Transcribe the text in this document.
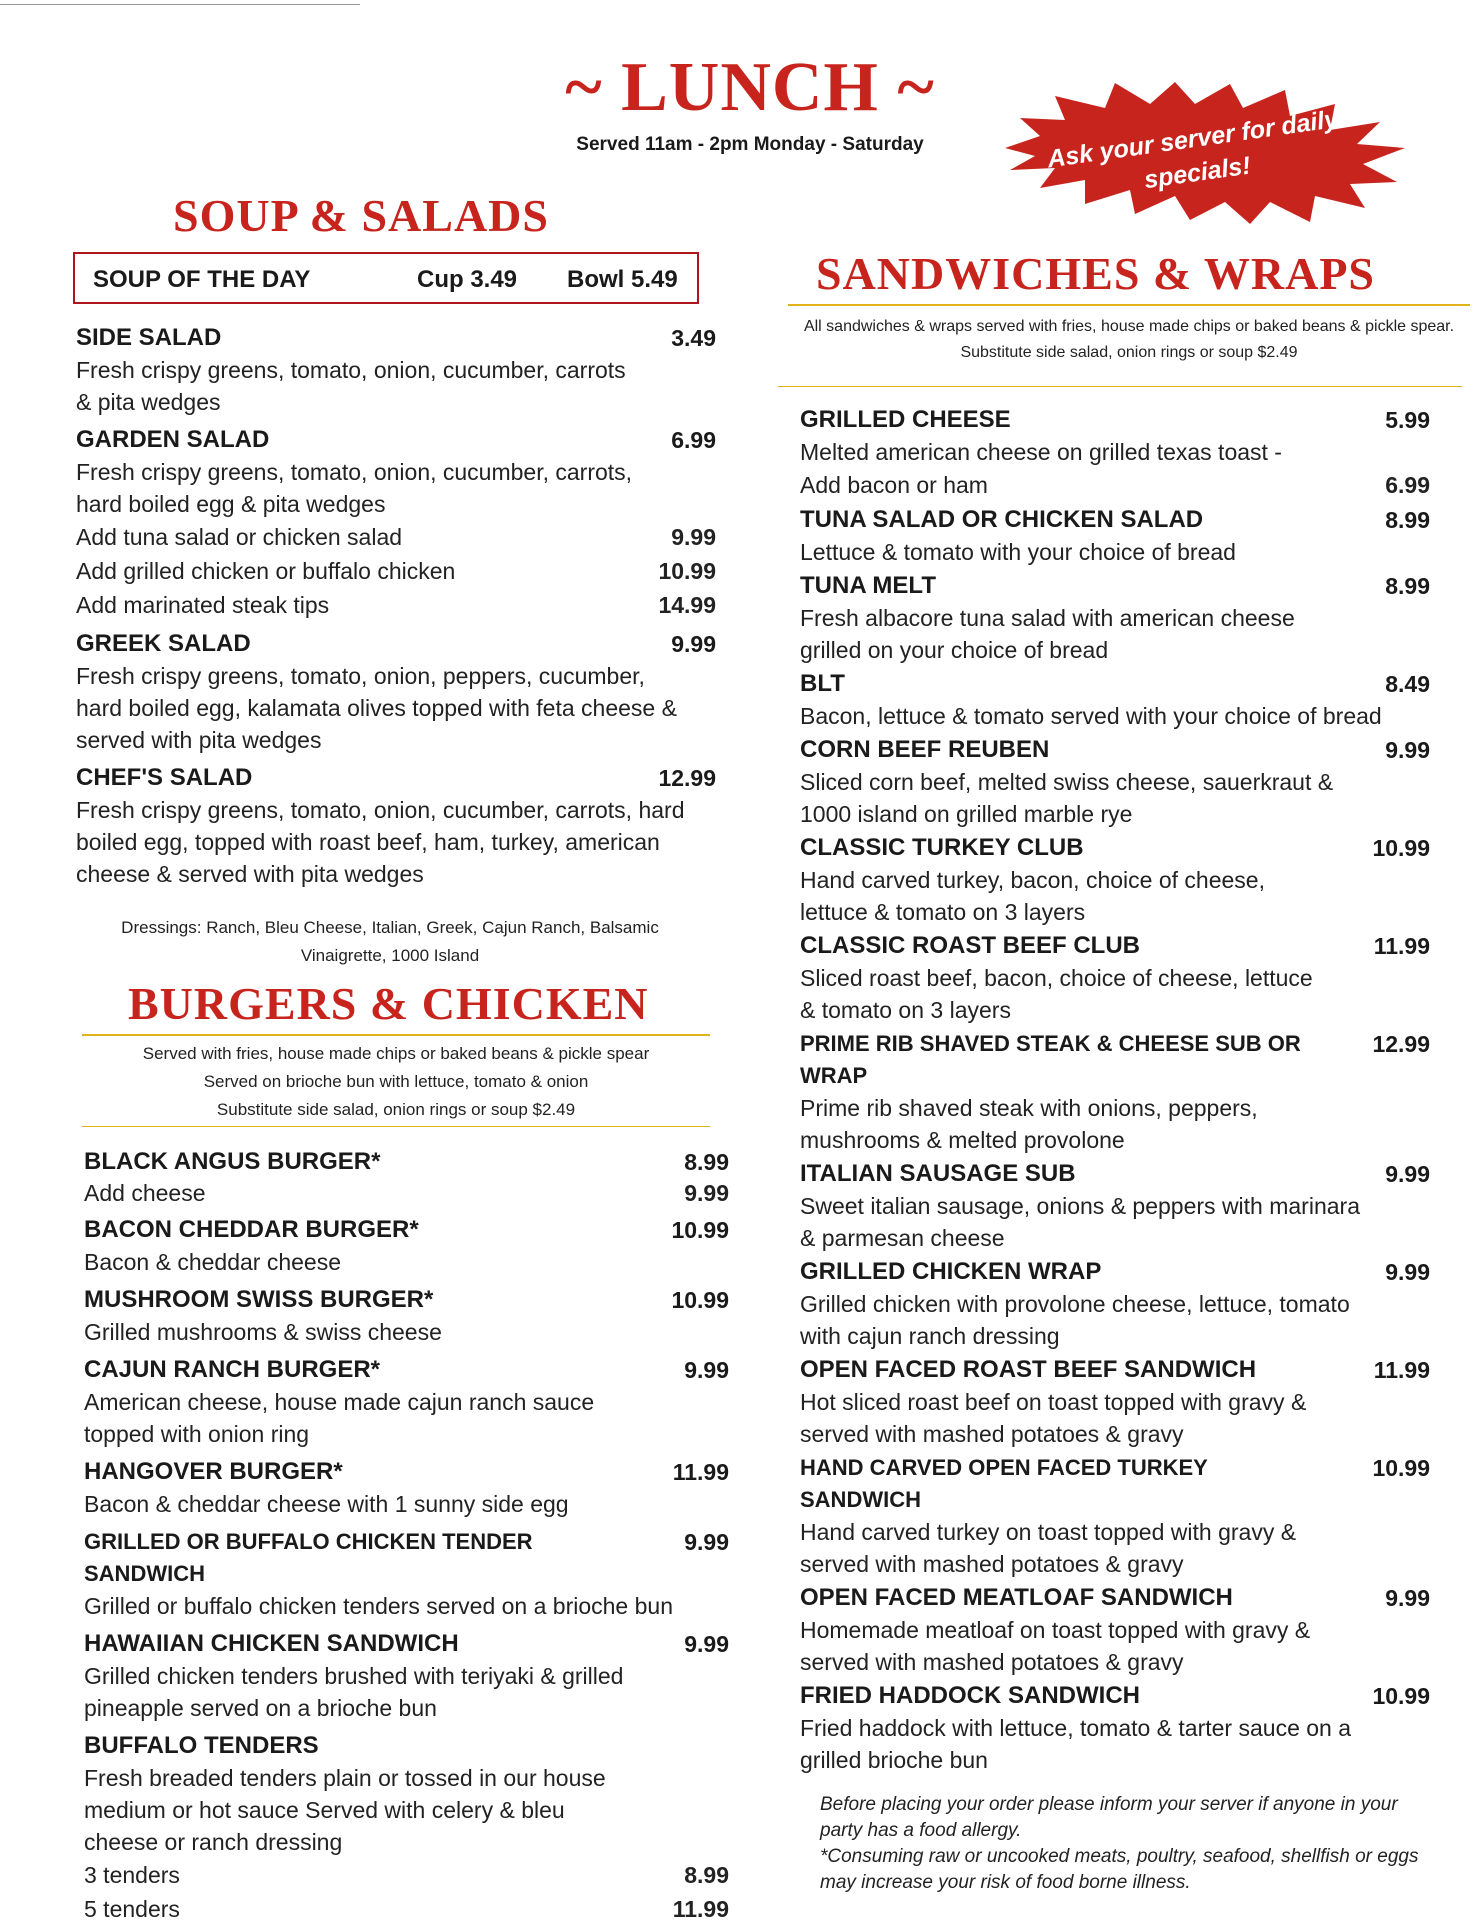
~ LUNCH ~
Served 11am - 2pm Monday - Saturday	Ask your server for daily specials!
SOUP & SALADS
SOUP OF THE DAY	Cup 3.49 Bowl 5.49
SIDE SALAD	3.49
Fresh crispy greens, tomato, onion, cucumber, carrots & pita wedges
GARDEN SALAD	6.99
Fresh crispy greens, tomato, onion, cucumber, carrots, hard boiled egg & pita wedges
Add tuna salad or chicken salad	9.99
Add grilled chicken or buffalo chicken	10.99
Add marinated steak tips	14.99
GREEK SALAD	9.99
Fresh crispy greens, tomato, onion, peppers, cucumber, hard boiled egg, kalamata olives topped with feta cheese & served with pita wedges
CHEF'S SALAD	12.99
Fresh crispy greens, tomato, onion, cucumber, carrots, hard boiled egg, topped with roast beef, ham, turkey, american cheese & served with pita wedges
Dressings: Ranch, Bleu Cheese, Italian, Greek, Cajun Ranch, Balsamic Vinaigrette, 1000 Island
BURGERS & CHICKEN
Served with fries, house made chips or baked beans & pickle spear
Served on brioche bun with lettuce, tomato & onion
Substitute side salad, onion rings or soup $2.49
BLACK ANGUS BURGER*	8.99
Add cheese	9.99
BACON CHEDDAR BURGER*	10.99
Bacon & cheddar cheese
MUSHROOM SWISS BURGER*	10.99
Grilled mushrooms & swiss cheese
CAJUN RANCH BURGER*	9.99
American cheese, house made cajun ranch sauce topped with onion ring
HANGOVER BURGER*	11.99
Bacon & cheddar cheese with 1 sunny side egg
GRILLED OR BUFFALO CHICKEN TENDER SANDWICH
9.99
Grilled or buffalo chicken tenders served on a brioche bun
HAWAIIAN CHICKEN SANDWICH	9.99
Grilled chicken tenders brushed with teriyaki & grilled pineapple served on a brioche bun
BUFFALO TENDERS
Fresh breaded tenders plain or tossed in our house medium or hot sauce Served with celery & bleu cheese or ranch dressing
3 tenders	8.99
5 tenders	11.99
SANDWICHES & WRAPS
All sandwiches & wraps served with fries, house made chips or baked beans & pickle spear.
Substitute side salad, onion rings or soup $2.49
GRILLED CHEESE	5.99
Melted american cheese on grilled texas toast -
Add bacon or ham	6.99
TUNA SALAD OR CHICKEN SALAD	8.99
Lettuce & tomato with your choice of bread
TUNA MELT	8.99
Fresh albacore tuna salad with american cheese grilled on your choice of bread
BLT	8.49
Bacon, lettuce & tomato served with your choice of bread
CORN BEEF REUBEN	9.99
Sliced corn beef, melted swiss cheese, sauerkraut & 1000 island on grilled marble rye
CLASSIC TURKEY CLUB	10.99
Hand carved turkey, bacon, choice of cheese, lettuce & tomato on 3 layers
CLASSIC ROAST BEEF CLUB	11.99
Sliced roast beef, bacon, choice of cheese, lettuce & tomato on 3 layers
PRIME RIB SHAVED STEAK & CHEESE SUB OR WRAP
12.99
Prime rib shaved steak with onions, peppers, mushrooms & melted provolone
ITALIAN SAUSAGE SUB	9.99
Sweet italian sausage, onions & peppers with marinara & parmesan cheese
GRILLED CHICKEN WRAP	9.99
Grilled chicken with provolone cheese, lettuce, tomato with cajun ranch dressing
OPEN FACED ROAST BEEF SANDWICH	11.99
Hot sliced roast beef on toast topped with gravy & served with mashed potatoes & gravy
HAND CARVED OPEN FACED TURKEY SANDWICH
10.99
Hand carved turkey on toast topped with gravy & served with mashed potatoes & gravy
OPEN FACED MEATLOAF SANDWICH	9.99
Homemade meatloaf on toast topped with gravy & served with mashed potatoes & gravy
FRIED HADDOCK SANDWICH	10.99
Fried haddock with lettuce, tomato & tarter sauce on a grilled brioche bun
Before placing your order please inform your server if anyone in your party has a food allergy.
*Consuming raw or uncooked meats, poultry, seafood, shellfish or eggs may increase your risk of food borne illness.
